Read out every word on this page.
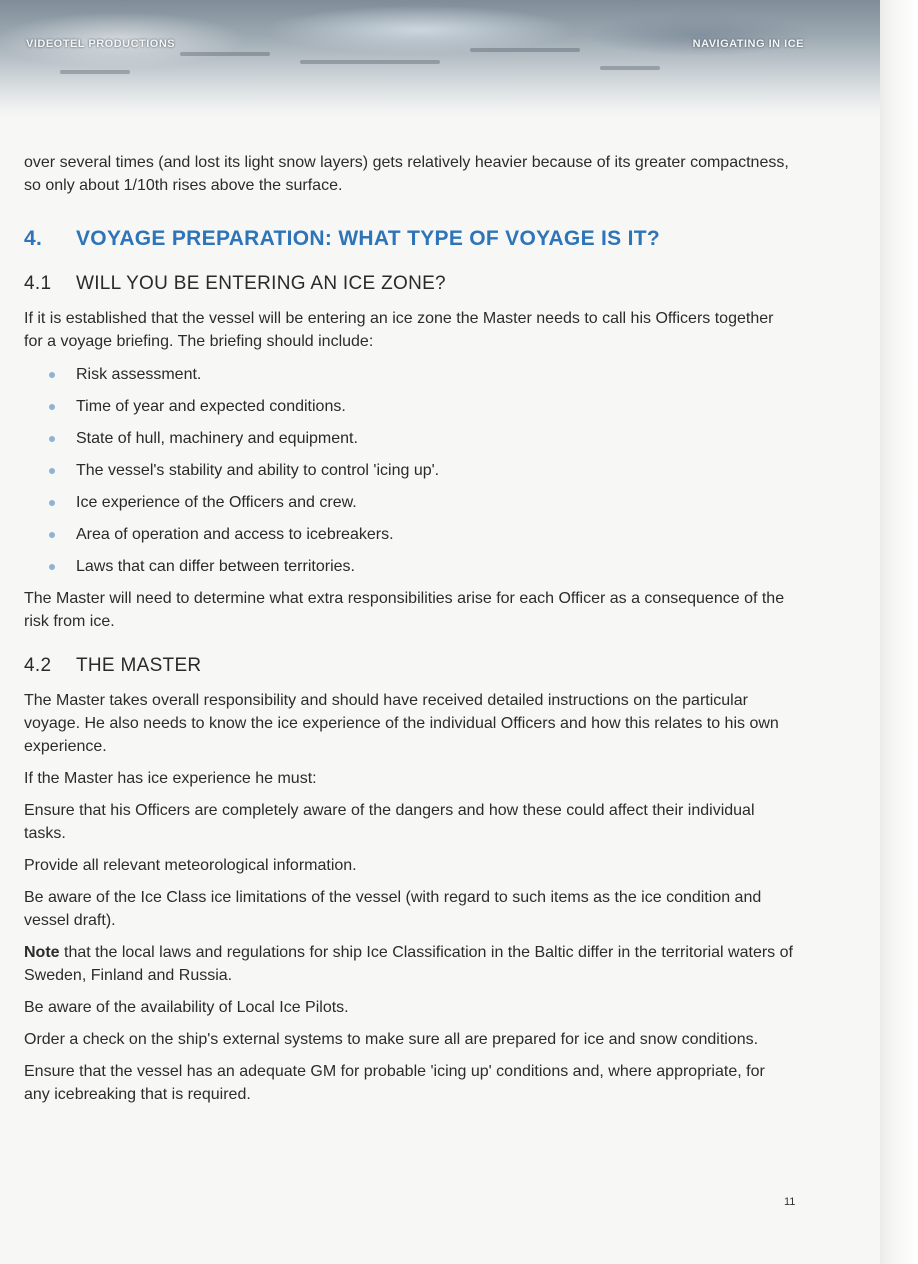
VIDEOTEL PRODUCTIONS	NAVIGATING IN ICE

over several times (and lost its light snow layers) gets relatively heavier because of its greater compactness, so only about 1/10th rises above the surface.

4. VOYAGE PREPARATION: WHAT TYPE OF VOYAGE IS IT?
4.1 WILL YOU BE ENTERING AN ICE ZONE?

If it is established that the vessel will be entering an ice zone the Master needs to call his Officers together for a voyage briefing. The briefing should include:

Risk assessment.
Time of year and expected conditions.
State of hull, machinery and equipment.
The vessel's stability and ability to control 'icing up'.
Ice experience of the Officers and crew.
Area of operation and access to icebreakers.
Laws that can differ between territories.

The Master will need to determine what extra responsibilities arise for each Officer as a consequence of the risk from ice.

4.2 THE MASTER

The Master takes overall responsibility and should have received detailed instructions on the particular voyage. He also needs to know the ice experience of the individual Officers and how this relates to his own experience.

If the Master has ice experience he must:

Ensure that his Officers are completely aware of the dangers and how these could affect their individual tasks.

Provide all relevant meteorological information.

Be aware of the Ice Class ice limitations of the vessel (with regard to such items as the ice condition and vessel draft).

Note that the local laws and regulations for ship Ice Classification in the Baltic differ in the territorial waters of Sweden, Finland and Russia.

Be aware of the availability of Local Ice Pilots.

Order a check on the ship's external systems to make sure all are prepared for ice and snow conditions.

Ensure that the vessel has an adequate GM for probable 'icing up' conditions and, where appropriate, for any icebreaking that is required.

11
